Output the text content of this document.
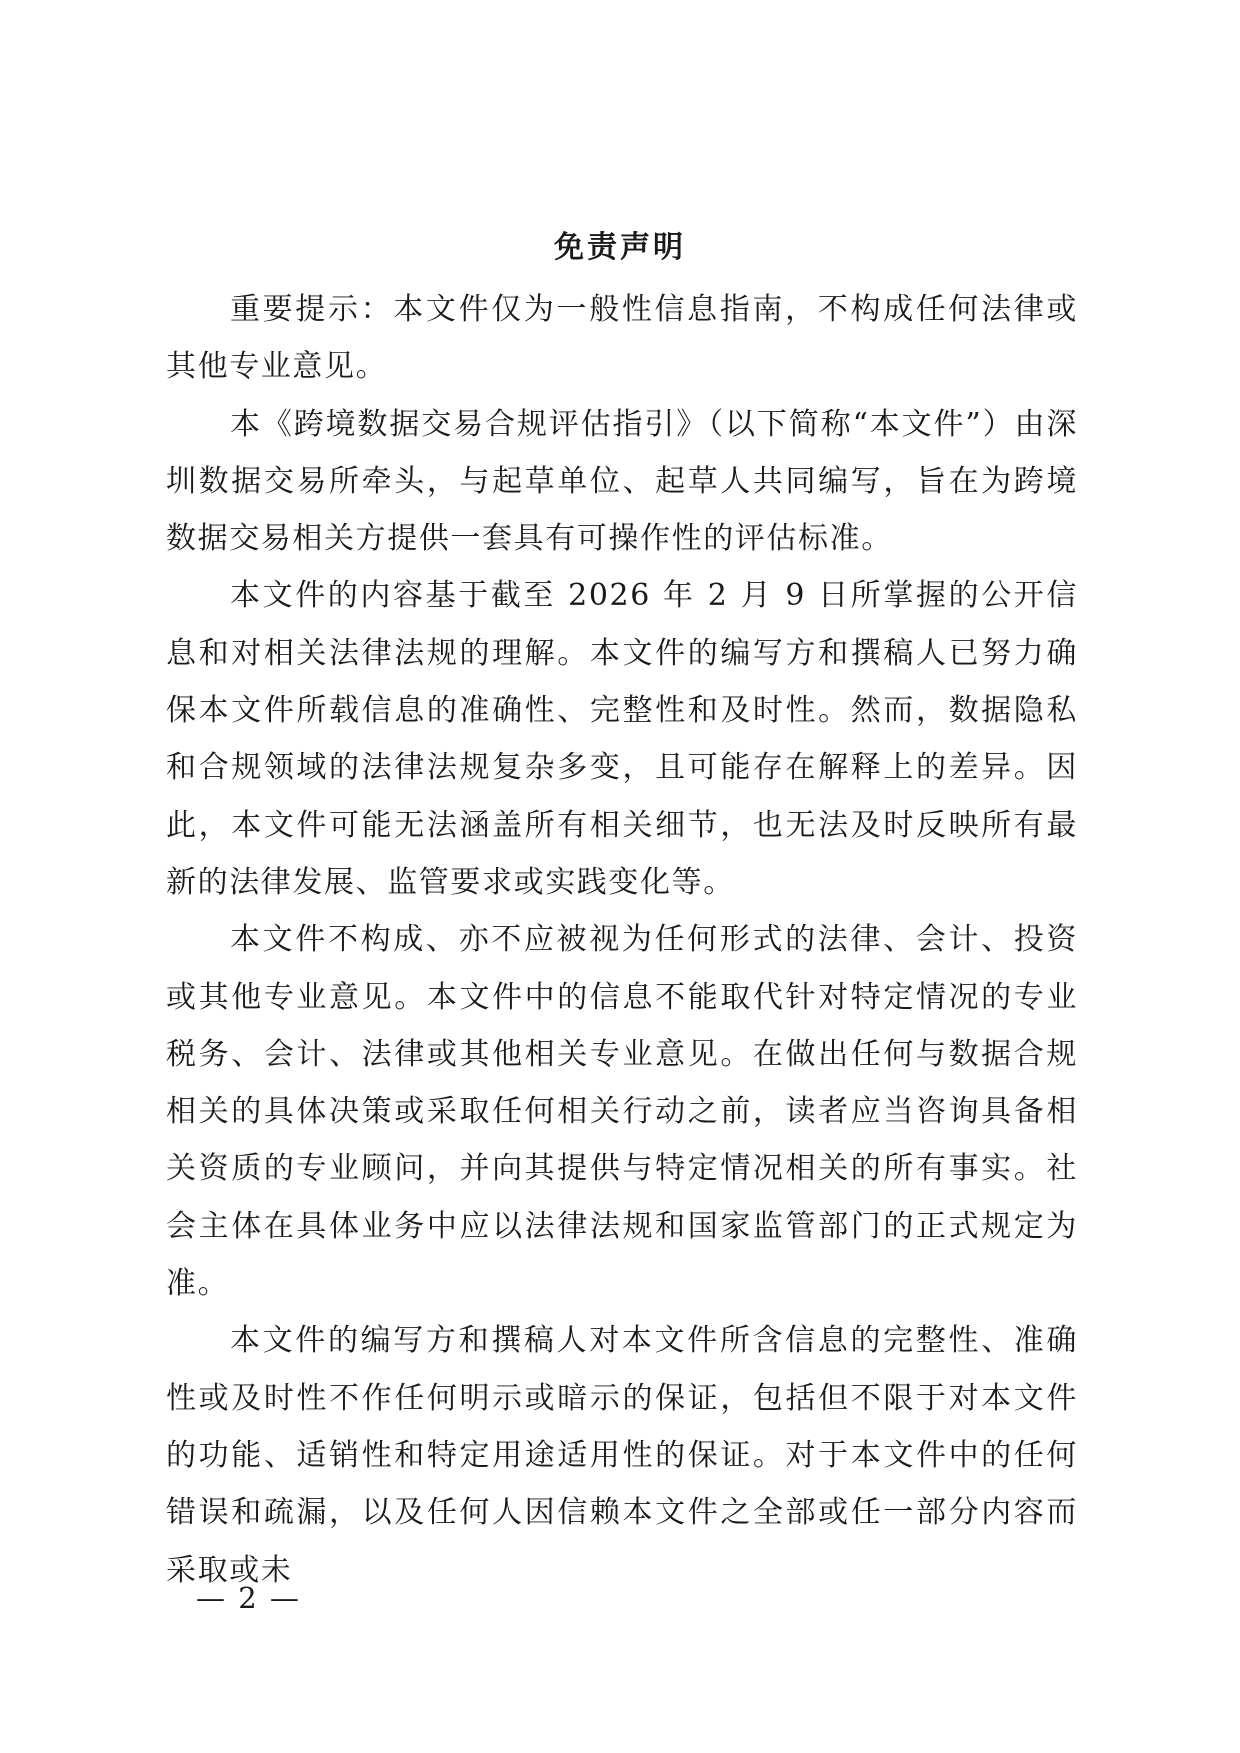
免责声明

重要提示：本文件仅为一般性信息指南，不构成任何法律或其他专业意见。

本《跨境数据交易合规评估指引》（以下简称“本文件”）由深圳数据交易所牵头，与起草单位、起草人共同编写，旨在为跨境数据交易相关方提供一套具有可操作性的评估标准。

本文件的内容基于截至 2026 年 2 月 9 日所掌握的公开信息和对相关法律法规的理解。本文件的编写方和撰稿人已努力确保本文件所载信息的准确性、完整性和及时性。然而，数据隐私和合规领域的法律法规复杂多变，且可能存在解释上的差异。因此，本文件可能无法涵盖所有相关细节，也无法及时反映所有最新的法律发展、监管要求或实践变化等。

本文件不构成、亦不应被视为任何形式的法律、会计、投资或其他专业意见。本文件中的信息不能取代针对特定情况的专业税务、会计、法律或其他相关专业意见。在做出任何与数据合规相关的具体决策或采取任何相关行动之前，读者应当咨询具备相关资质的专业顾问，并向其提供与特定情况相关的所有事实。社会主体在具体业务中应以法律法规和国家监管部门的正式规定为准。

本文件的编写方和撰稿人对本文件所含信息的完整性、准确性或及时性不作任何明示或暗示的保证，包括但不限于对本文件的功能、适销性和特定用途适用性的保证。对于本文件中的任何错误和疏漏，以及任何人因信赖本文件之全部或任一部分内容而采取或未

— 2 —
